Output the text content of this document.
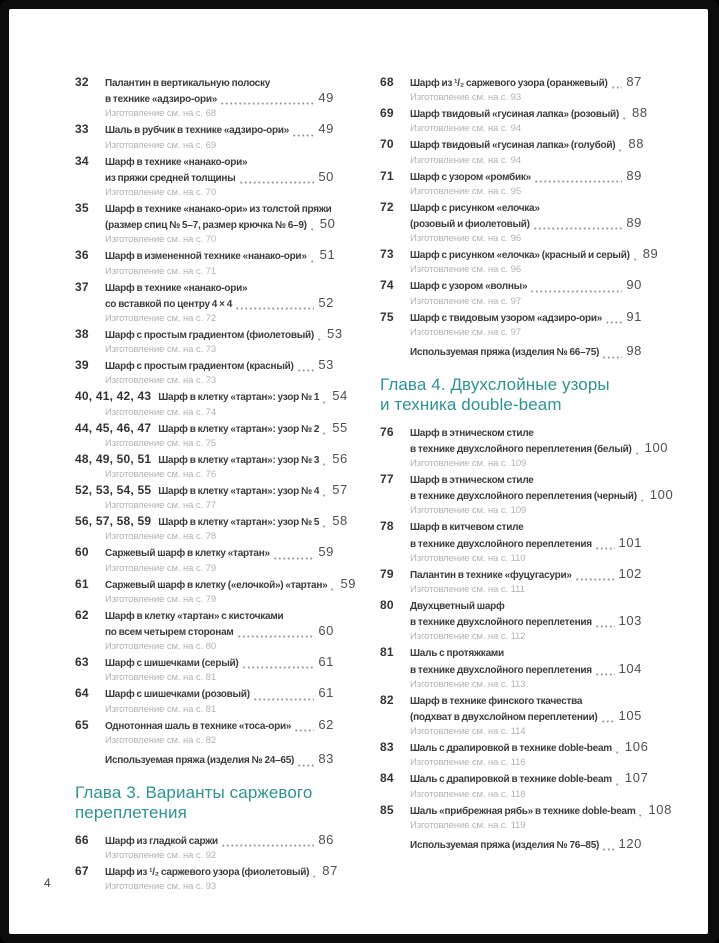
32	Палантин в вертикальную полоску
в технике «адзиро-ори»	49
Изготовление см. на с. 68
33	Шаль в рубчик в технике «адзиро-ори» 49
Изготовление см. на с. 69
34	Шарф в технике «нанако-ори»
из пряжи средней толщины	50
Изготовление см. на с. 70
35	Шарф в технике «нанако-ори» из толстой пряжи
(размер спиц № 5–7, размер крючка № 6–9) 50
Изготовление см. на с. 70
36	Шарф в измененной технике «нанако-ори» 51
Изготовление см. на с. 71
37	Шарф в технике «нанако-ори»
со вставкой по центру 4 × 4	52
Изготовление см. на с. 72
38	Шарф с простым градиентом (фиолетовый) 53
Изготовление см. на с. 73
39	Шарф с простым градиентом (красный) 53
Изготовление см. на с. 73
40, 41, 42, 43 Шарф в клетку «тартан»: узор № 1 54
Изготовление см. на с. 74
44, 45, 46, 47 Шарф в клетку «тартан»: узор № 2 55
Изготовление см. на с. 75
48, 49, 50, 51 Шарф в клетку «тартан»: узор № 3 56
Изготовление см. на с. 76
52, 53, 54, 55 Шарф в клетку «тартан»: узор № 4 57
Изготовление см. на с. 77
56, 57, 58, 59 Шарф в клетку «тартан»: узор № 5 58
Изготовление см. на с. 78
60	Саржевый шарф в клетку «тартан»	59
Изготовление см. на с. 79
61	Саржевый шарф в клетку («елочкой») «тартан» 59
Изготовление см. на с. 79
62	Шарф в клетку «тартан» с кисточками
по всем четырем сторонам	60
Изготовление см. на с. 80
63	Шарф с шишечками (серый)	61
Изготовление см. на с. 81
64	Шарф с шишечками (розовый)	61
Изготовление см. на с. 81
65	Однотонная шаль в технике «тоса-ори» 62
Изготовление см. на с. 82
Используемая пряжа (изделия № 24–65) 83
Глава 3. Варианты саржевого
переплетения
66	Шарф из гладкой саржи	86
Изготовление см. на с. 92
67	Шарф из ¹/₂ саржевого узора (фиолетовый) 87
Изготовление см. на с. 93
68	Шарф из ¹/₂ саржевого узора (оранжевый) 87
Изготовление см. на с. 93
69	Шарф твидовый «гусиная лапка» (розовый) 88
Изготовление см. на с. 94
70	Шарф твидовый «гусиная лапка» (голубой) 88
Изготовление см. на с. 94
71	Шарф с узором «ромбик»	89
Изготовление см. на с. 95
72	Шарф с рисунком «елочка»
(розовый и фиолетовый)	89
Изготовление см. на с. 96
73	Шарф с рисунком «елочка» (красный и серый) 89
Изготовление см. на с. 96
74	Шарф с узором «волны»	90
Изготовление см. на с. 97
75	Шарф с твидовым узором «адзиро-ори» 91
Изготовление см. на с. 97
Используемая пряжа (изделия № 66–75) 98
Глава 4. Двухслойные узоры
и техника double-beam
76	Шарф в этническом стиле
в технике двухслойного переплетения (белый) 100
Изготовление см. на с. 109
77	Шарф в этническом стиле
в технике двухслойного переплетения (черный) 100
Изготовление см. на с. 109
78	Шарф в китчевом стиле
в технике двухслойного переплетения 101
Изготовление см. на с. 110
79	Палантин в технике «фуцугасури»	102
Изготовление см. на с. 111
80	Двухцветный шарф
в технике двухслойного переплетения 103
Изготовление см. на с. 112
81	Шаль с протяжками
в технике двухслойного переплетения 104
Изготовление см. на с. 113
82	Шарф в технике финского ткачества
(подхват в двухслойном переплетении) 105
Изготовление см. на с. 114
83	Шаль с драпировкой в технике doble-beam 106
Изготовление см. на с. 116
84	Шаль с драпировкой в технике doble-beam 107
Изготовление см. на с. 118
85	Шаль «прибрежная рябь» в технике doble-beam 108
Изготовление см. на с. 119
Используемая пряжа (изделия № 76–85) 120
4
